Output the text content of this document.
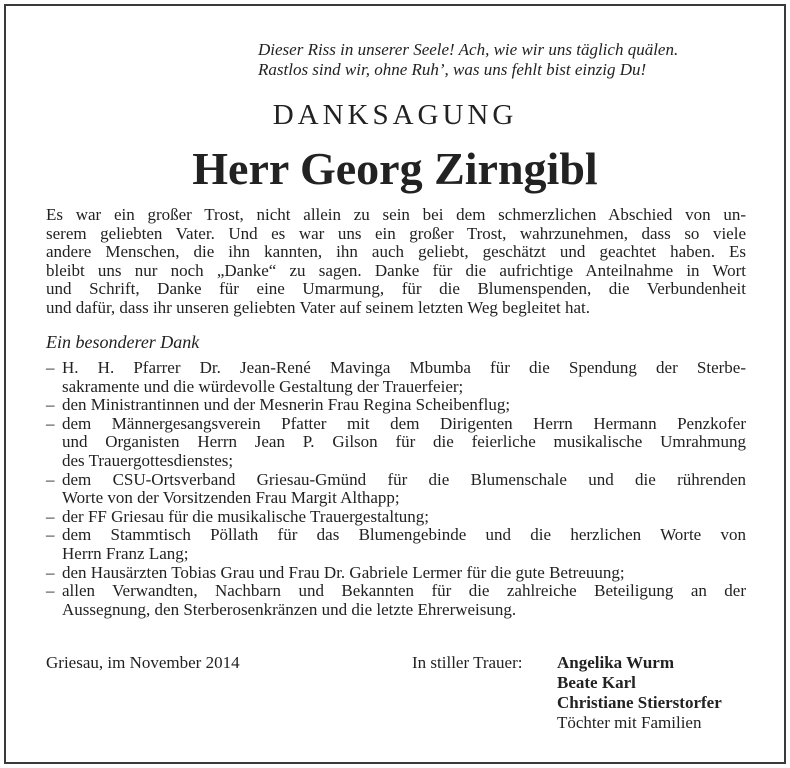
Dieser Riss in unserer Seele! Ach, wie wir uns täglich quälen.
Rastlos sind wir, ohne Ruh’, was uns fehlt bist einzig Du!
DANKSAGUNG
Herr Georg Zirngibl
Es war ein großer Trost, nicht allein zu sein bei dem schmerzlichen Abschied von un-
serem geliebten Vater. Und es war uns ein großer Trost, wahrzunehmen, dass so viele
andere Menschen, die ihn kannten, ihn auch geliebt, geschätzt und geachtet haben. Es
bleibt uns nur noch „Danke“ zu sagen. Danke für die aufrichtige Anteilnahme in Wort
und Schrift, Danke für eine Umarmung, für die Blumenspenden, die Verbundenheit
und dafür, dass ihr unseren geliebten Vater auf seinem letzten Weg begleitet hat.
Ein besonderer Dank
– H. H. Pfarrer Dr. Jean-René Mavinga Mbumba für die Spendung der Sterbe-
sakramente und die würdevolle Gestaltung der Trauerfeier;
– den Ministrantinnen und der Mesnerin Frau Regina Scheibenflug;
– dem Männergesangsverein Pfatter mit dem Dirigenten Herrn Hermann Penzkofer
und Organisten Herrn Jean P. Gilson für die feierliche musikalische Umrahmung
des Trauergottesdienstes;
– dem CSU-Ortsverband Griesau-Gmünd für die Blumenschale und die rührenden
Worte von der Vorsitzenden Frau Margit Althapp;
– der FF Griesau für die musikalische Trauergestaltung;
– dem Stammtisch Pöllath für das Blumengebinde und die herzlichen Worte von
Herrn Franz Lang;
– den Hausärzten Tobias Grau und Frau Dr. Gabriele Lermer für die gute Betreuung;
– allen Verwandten, Nachbarn und Bekannten für die zahlreiche Beteiligung an der
Aussegnung, den Sterberosenkränzen und die letzte Ehrerweisung.
Griesau, im November 2014	In stiller Trauer: Angelika Wurm
Beate Karl
Christiane Stierstorfer
Töchter mit Familien
